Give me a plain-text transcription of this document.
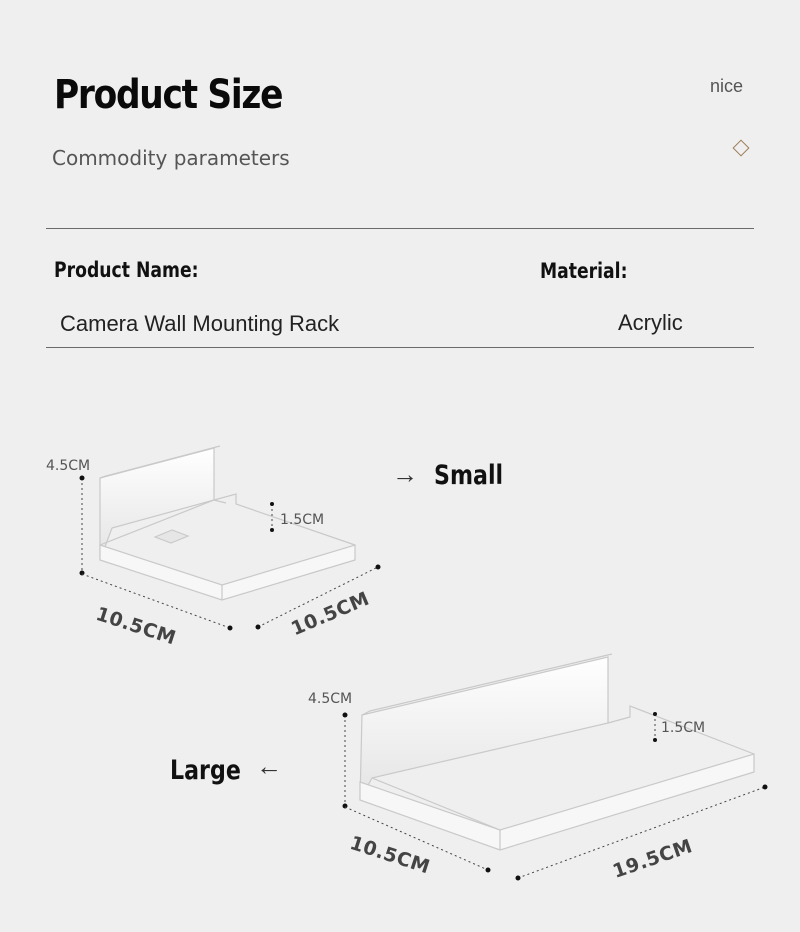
Product Size
Commodity parameters
nice
Product Name:	Material:
Camera Wall Mounting Rack	Acrylic
4.5CM
1.5CM
10.5CM	10.5CM
→ Small
4.5CM
1.5CM
10.5CM	19.5CM
Large ←
